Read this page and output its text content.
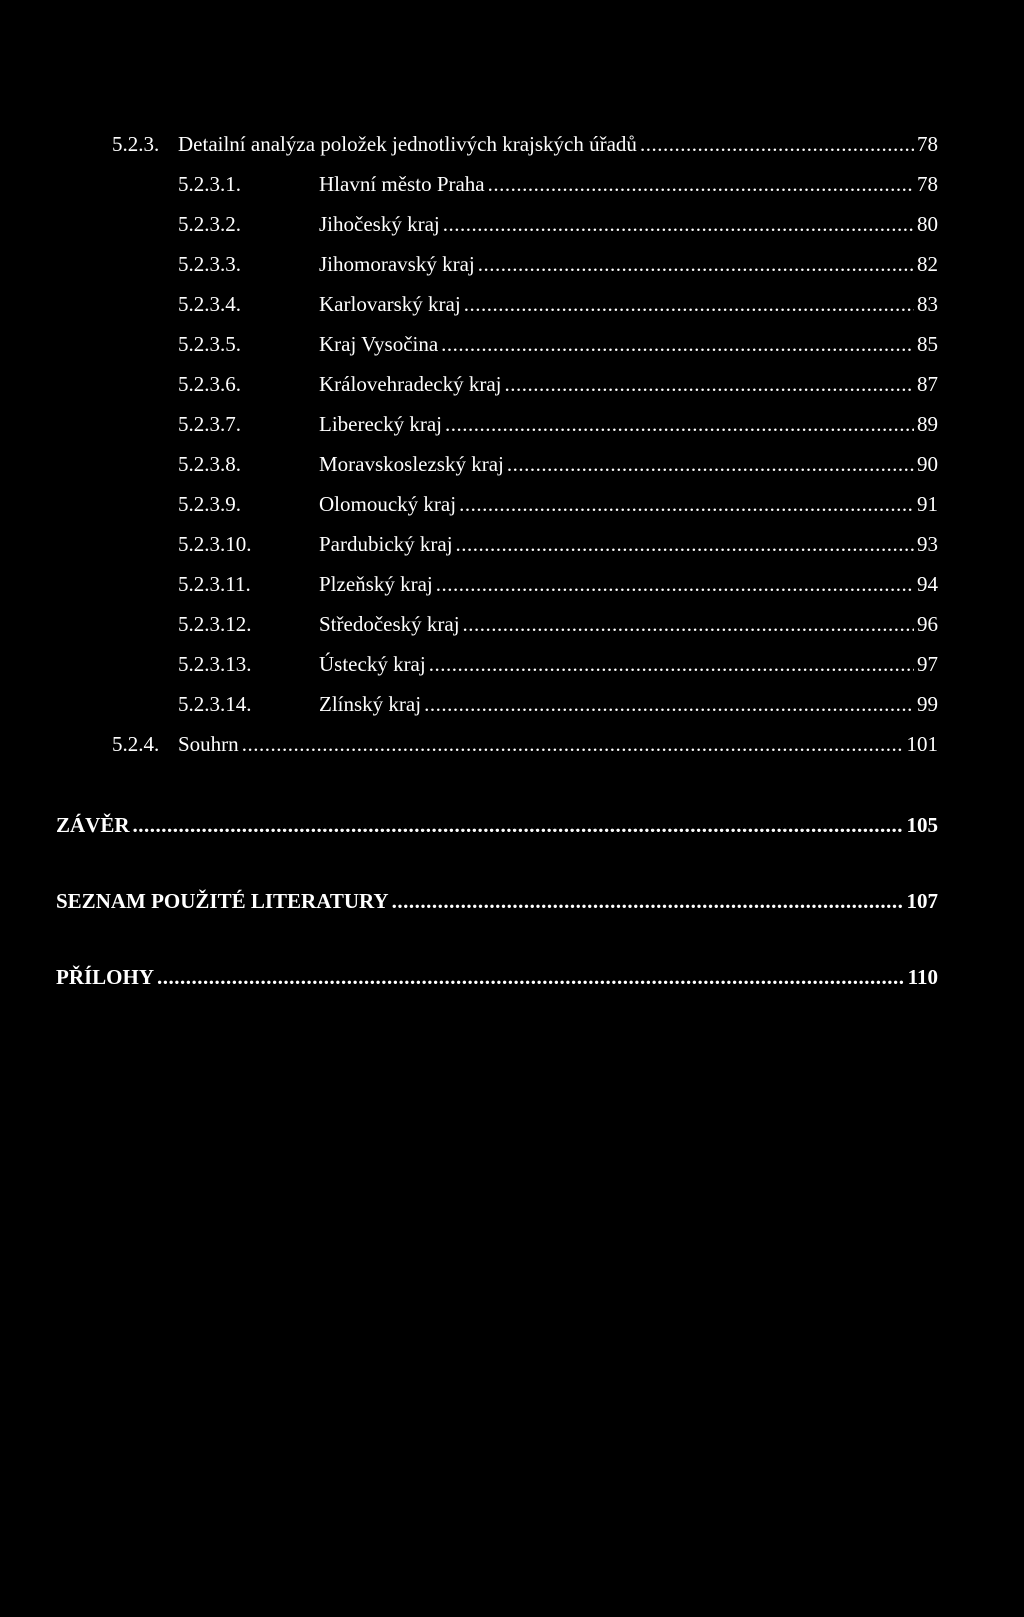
5.2.3. Detailní analýza položek jednotlivých krajských úřadů .....	78
5.2.3.1.	Hlavní město Praha .....	78
5.2.3.2.	Jihočeský kraj .....	80
5.2.3.3.	Jihomoravský kraj .....	82
5.2.3.4.	Karlovarský kraj .....	83
5.2.3.5.	Kraj Vysočina .....	85
5.2.3.6.	Královehradecký kraj .....	87
5.2.3.7.	Liberecký kraj .....	89
5.2.3.8.	Moravskoslezský kraj .....	90
5.2.3.9.	Olomoucký kraj .....	91
5.2.3.10.	Pardubický kraj .....	93
5.2.3.11.	Plzeňský kraj .....	94
5.2.3.12.	Středočeský kraj .....	96
5.2.3.13.	Ústecký kraj .....	97
5.2.3.14.	Zlínský kraj .....	99
5.2.4. Souhrn .....	101
ZÁVĚR .....	105
SEZNAM POUŽITÉ LITERATURY .....	107
PŘÍLOHY .....	110
